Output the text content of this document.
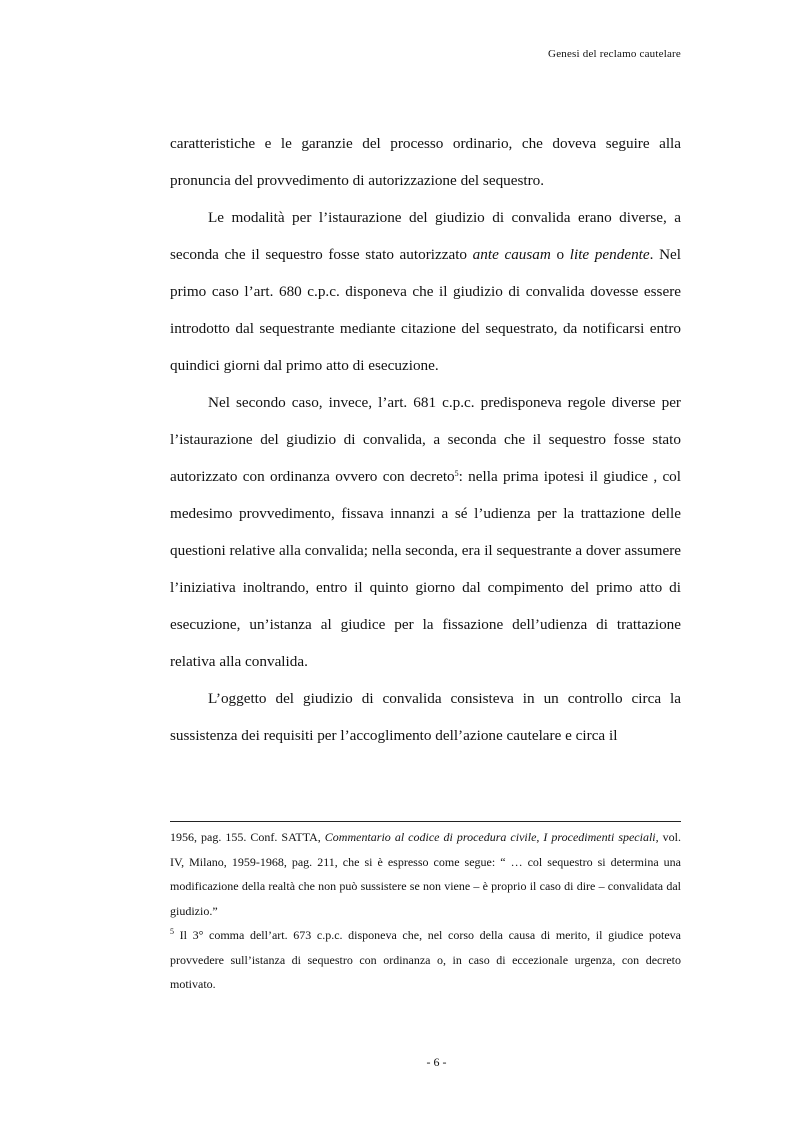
Genesi del reclamo cautelare

caratteristiche e le garanzie del processo ordinario, che doveva seguire alla pronuncia del provvedimento di autorizzazione del sequestro.

Le modalità per l’istaurazione del giudizio di convalida erano diverse, a seconda che il sequestro fosse stato autorizzato ante causam o lite pendente. Nel primo caso l’art. 680 c.p.c. disponeva che il giudizio di convalida dovesse essere introdotto dal sequestrante mediante citazione del sequestrato, da notificarsi entro quindici giorni dal primo atto di esecuzione.

Nel secondo caso, invece, l’art. 681 c.p.c. predisponeva regole diverse per l’istaurazione del giudizio di convalida, a seconda che il sequestro fosse stato autorizzato con ordinanza ovvero con decreto$^5$: nella prima ipotesi il giudice , col medesimo provvedimento, fissava innanzi a sé l’udienza per la trattazione delle questioni relative alla convalida; nella seconda, era il sequestrante a dover assumere l’iniziativa inoltrando, entro il quinto giorno dal compimento del primo atto di esecuzione, un’istanza al giudice per la fissazione dell’udienza di trattazione relativa alla convalida.

L’oggetto del giudizio di convalida consisteva in un controllo circa la sussistenza dei requisiti per l’accoglimento dell’azione cautelare e circa il

1956, pag. 155. Conf. SATTA, Commentario al codice di procedura civile, I procedimenti speciali, vol. IV, Milano, 1959-1968, pag. 211, che si è espresso come segue: “ … col sequestro si determina una modificazione della realtà che non può sussistere se non viene – è proprio il caso di dire – convalidata dal giudizio.”

$^5$ Il 3° comma dell’art. 673 c.p.c. disponeva che, nel corso della causa di merito, il giudice poteva provvedere sull’istanza di sequestro con ordinanza o, in caso di eccezionale urgenza, con decreto motivato.

- 6 -
